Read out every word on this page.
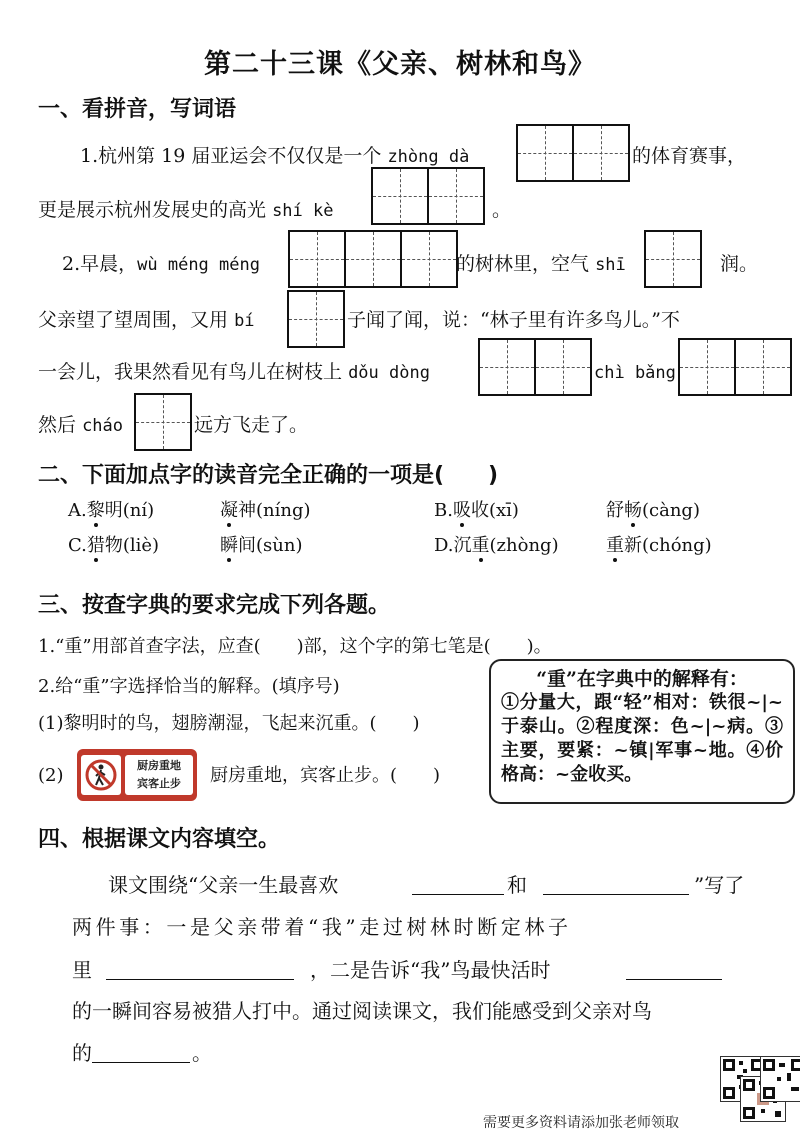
第二十三课《父亲、树林和鸟》
一、看拼音，写词语
1.杭州第 19 届亚运会不仅仅是一个 zhòng dà	的体育赛事，
更是展示杭州发展史的高光 shí kè	。
2.早晨，wù méng méng	的树林里，空气 shī	润。
父亲望了望周围，又用 bí	子闻了闻，说：“林子里有许多鸟儿。”不
一会儿，我果然看见有鸟儿在树枝上 dǒu dòng	chì bǎng
然后 cháo	远方飞走了。
二、下面加点字的读音完全正确的一项是(　　)
A.黎明(ní)	凝神(níng)	B.吸收(xī)	舒畅(càng)
C.猎物(liè)	瞬间(sùn)	D.沉重(zhòng)	重新(chóng)
三、按查字典的要求完成下列各题。
1.“重”用部首查字法，应查(　　)部，这个字的第七笔是(　　)。
2.给“重”字选择恰当的解释。(填序号)
(1)黎明时的鸟，翅膀潮湿，飞起来沉重。(　　)
(2)	厨房重地
宾客止步	厨房重地，宾客止步。(　　)
“重”在字典中的解释有：
①分量大，跟“轻”相对：铁很~|~于泰山。②程度深：色~|~病。③主要，要紧：~镇|军事~地。④价格高：~金收买。
四、根据课文内容填空。
课文围绕“父亲一生最喜欢	和	”写了
两件事：一是父亲带着“我”走过树林时断定林子
里	，二是告诉“我”鸟最快活时
的一瞬间容易被猎人打中。通过阅读课文，我们能感受到父亲对鸟
的	。
需要更多资料请添加张老师领取
